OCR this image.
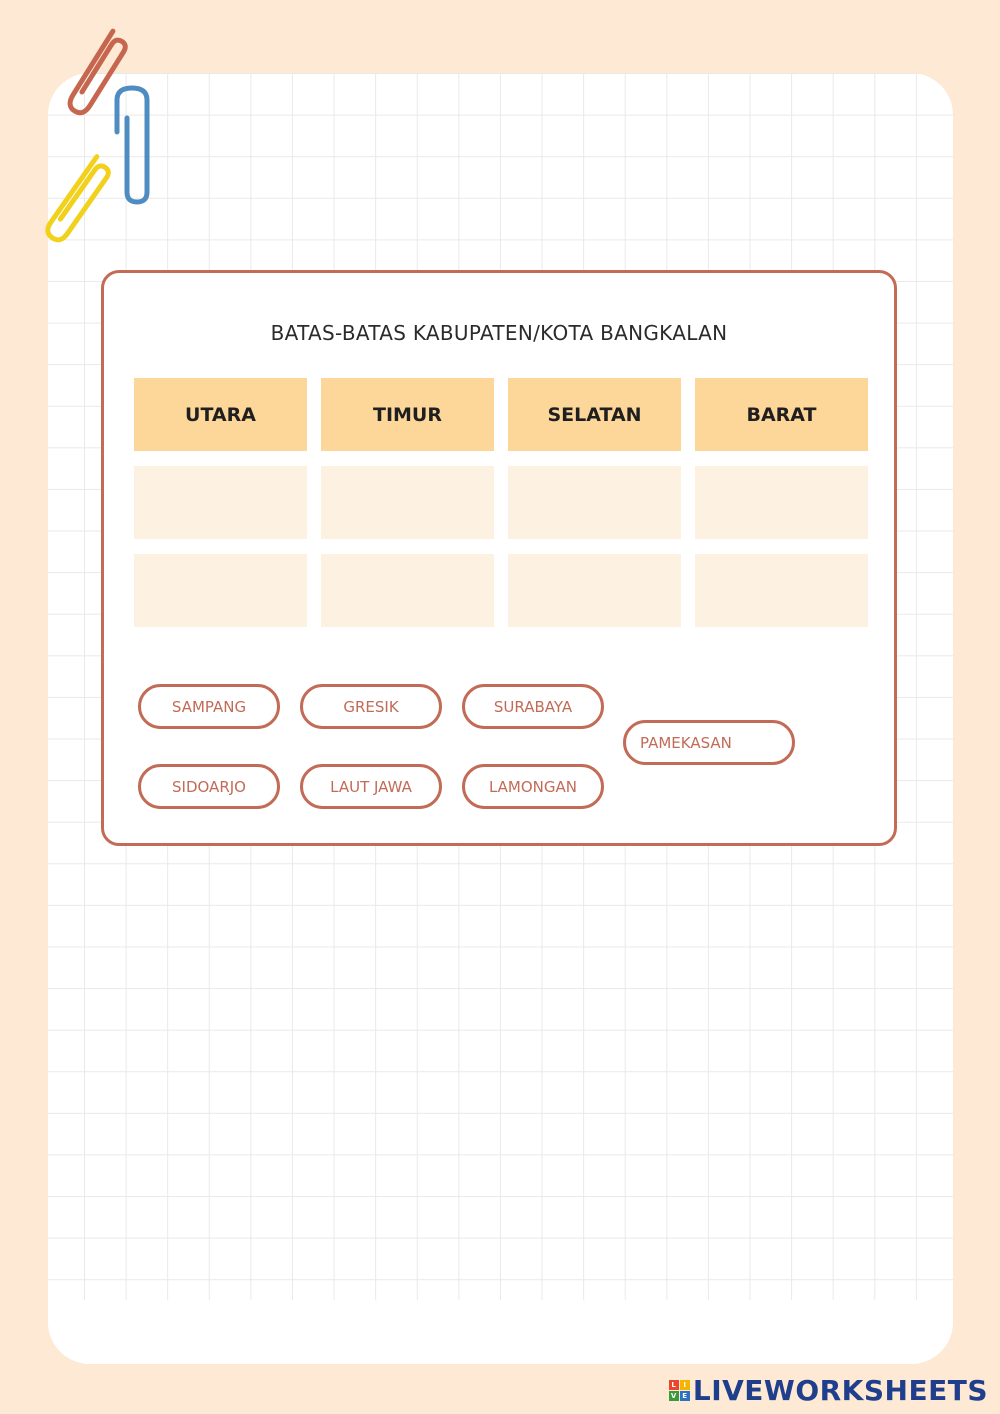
BATAS-BATAS KABUPATEN/KOTA BANGKALAN
UTARA	TIMUR	SELATAN	BARAT
SAMPANG	GRESIK	SURABAYA
PAMEKASAN
SIDOARJO	LAUT JAWA	LAMONGAN
L I
V E LIVEWORKSHEETS
